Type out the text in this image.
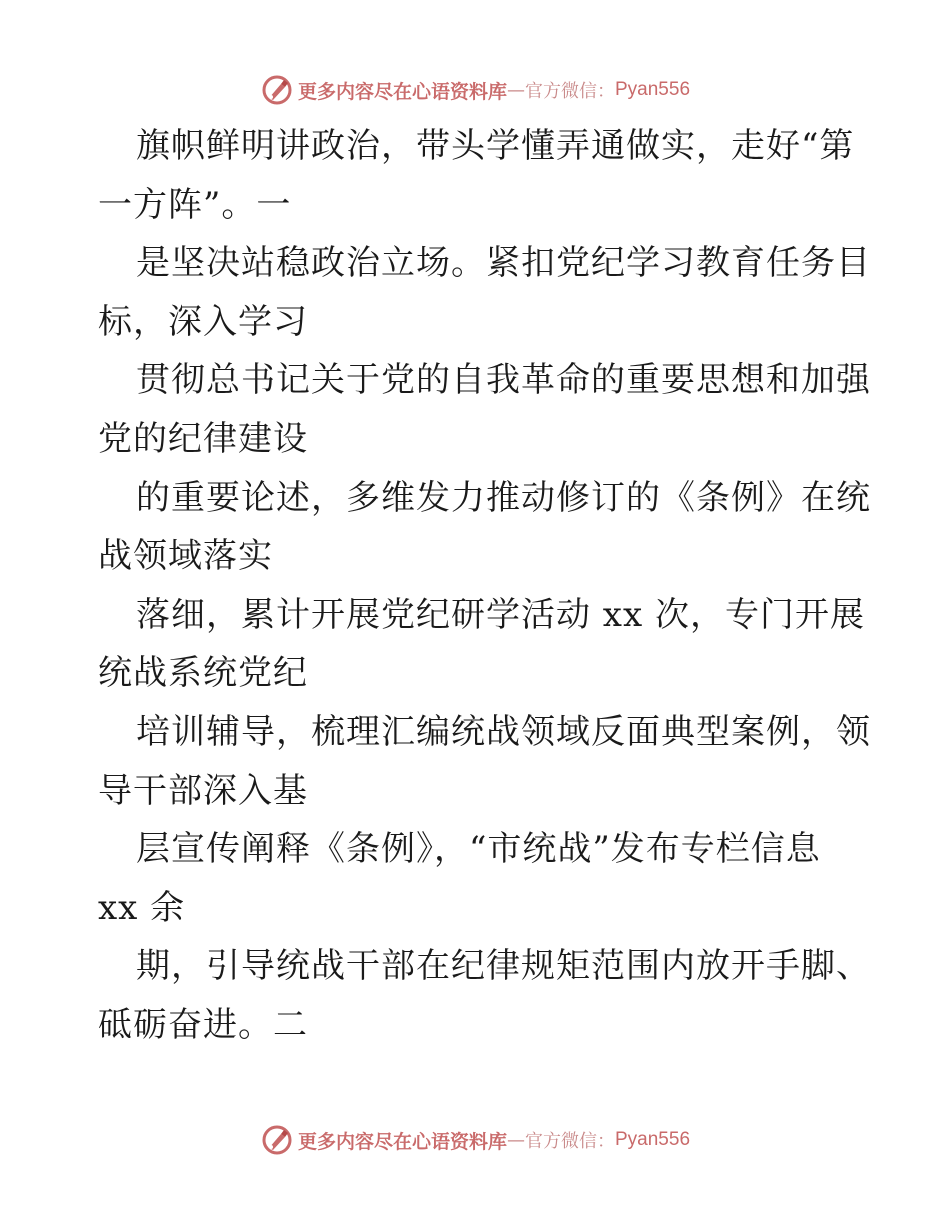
更多内容尽在心语资料库 — 官方微信： Pyan556
旗帜鲜明讲政治，带头学懂弄通做实，走好“第
一方阵”。一
是坚决站稳政治立场。紧扣党纪学习教育任务目
标，深入学习
贯彻总书记关于党的自我革命的重要思想和加强
党的纪律建设
的重要论述，多维发力推动修订的《条例》在统
战领域落实
落细，累计开展党纪研学活动 xx 次，专门开展
统战系统党纪
培训辅导，梳理汇编统战领域反面典型案例，领
导干部深入基
层宣传阐释《条例》，“市统战”发布专栏信息
xx 余
期，引导统战干部在纪律规矩范围内放开手脚、
砥砺奋进。二
更多内容尽在心语资料库 — 官方微信： Pyan556
